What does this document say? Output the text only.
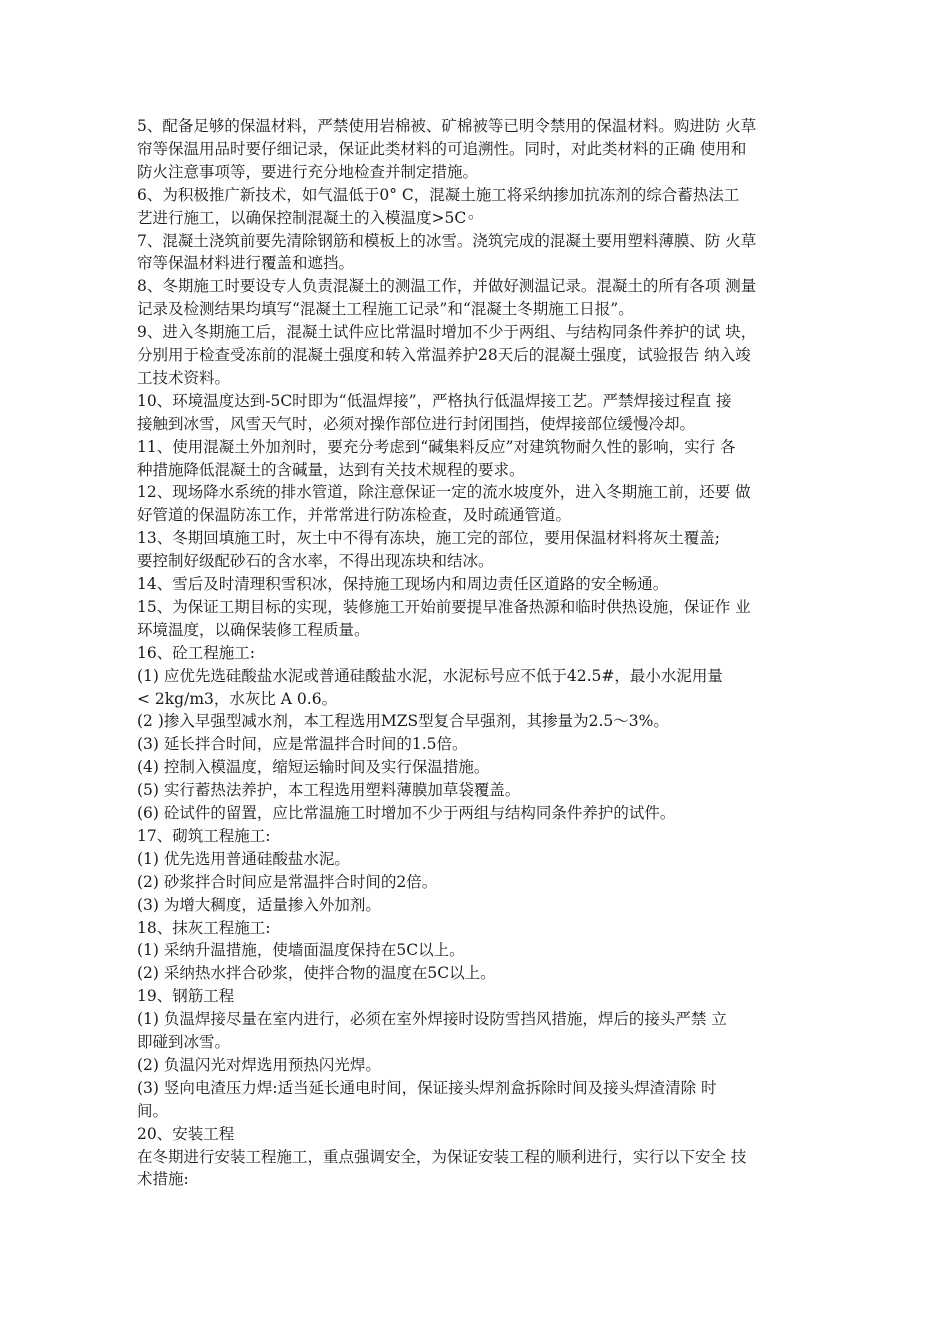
5、配备足够的保温材料，严禁使用岩棉被、矿棉被等已明令禁用的保温材料。购进防 火草
帘等保温用品时要仔细记录，保证此类材料的可追溯性。同时，对此类材料的正确 使用和
防火注意事项等，要进行充分地检查并制定措施。
6、为积极推广新技术，如气温低于0° C，混凝土施工将采纳掺加抗冻剂的综合蓄热法工
艺进行施工，以确保控制混凝土的入模温度>5C◦
7、混凝土浇筑前要先清除钢筋和模板上的冰雪。浇筑完成的混凝土要用塑料薄膜、防 火草
帘等保温材料进行覆盖和遮挡。
8、冬期施工时要设专人负责混凝土的测温工作，并做好测温记录。混凝土的所有各项 测量
记录及检测结果均填写“混凝土工程施工记录”和“混凝土冬期施工日报”。
9、进入冬期施工后，混凝土试件应比常温时增加不少于两组、与结构同条件养护的试 块，
分别用于检查受冻前的混凝土强度和转入常温养护28天后的混凝土强度，试验报告 纳入竣
工技术资料。
10、环境温度达到-5C时即为“低温焊接”，严格执行低温焊接工艺。严禁焊接过程直 接
接触到冰雪，风雪天气时，必须对操作部位进行封闭围挡，使焊接部位缓慢冷却。
11、使用混凝土外加剂时，要充分考虑到“碱集料反应”对建筑物耐久性的影响，实行 各
种措施降低混凝土的含碱量，达到有关技术规程的要求。
12、现场降水系统的排水管道，除注意保证一定的流水坡度外，进入冬期施工前，还要 做
好管道的保温防冻工作，并常常进行防冻检查，及时疏通管道。
13、冬期回填施工时，灰土中不得有冻块，施工完的部位，要用保温材料将灰土覆盖;
要控制好级配砂石的含水率，不得出现冻块和结冰。
14、雪后及时清理积雪积冰，保持施工现场内和周边责任区道路的安全畅通。
15、为保证工期目标的实现，装修施工开始前要提早准备热源和临时供热设施，保证作 业
环境温度，以确保装修工程质量。
16、砼工程施工:
(1) 应优先选硅酸盐水泥或普通硅酸盐水泥，水泥标号应不低于42.5#，最小水泥用量
< 2kg/m3，水灰比 A 0.6。
(2 )掺入早强型减水剂，本工程选用MZS型复合早强剂，其掺量为2.5〜3%。
(3) 延长拌合时间，应是常温拌合时间的1.5倍。
(4) 控制入模温度，缩短运输时间及实行保温措施。
(5) 实行蓄热法养护，本工程选用塑料薄膜加草袋覆盖。
(6) 砼试件的留置，应比常温施工时增加不少于两组与结构同条件养护的试件。
17、砌筑工程施工:
(1) 优先选用普通硅酸盐水泥。
(2) 砂浆拌合时间应是常温拌合时间的2倍。
(3) 为增大稠度，适量掺入外加剂。
18、抹灰工程施工:
(1) 采纳升温措施，使墙面温度保持在5C以上。
(2) 采纳热水拌合砂浆，使拌合物的温度在5C以上。
19、钢筋工程
(1) 负温焊接尽量在室内进行，必须在室外焊接时设防雪挡风措施，焊后的接头严禁 立
即碰到冰雪。
(2) 负温闪光对焊选用预热闪光焊。
(3) 竖向电渣压力焊:适当延长通电时间，保证接头焊剂盒拆除时间及接头焊渣清除 时
间。
20、安装工程
在冬期进行安装工程施工，重点强调安全，为保证安装工程的顺利进行，实行以下安全 技
术措施:
